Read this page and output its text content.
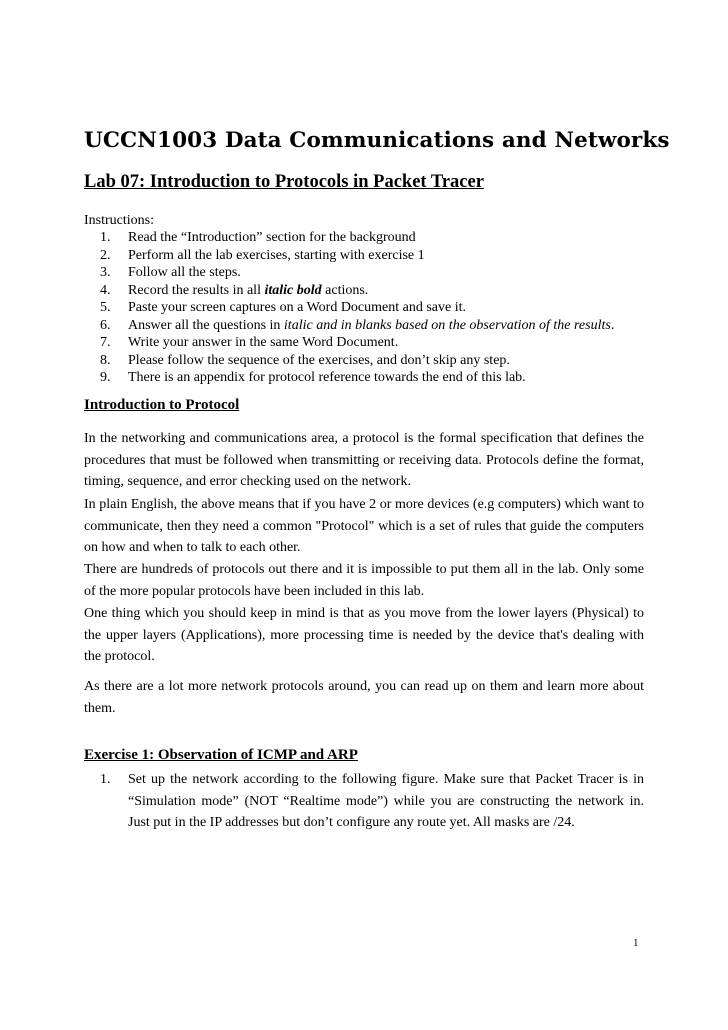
UCCN1003 Data Communications and Networks
Lab 07: Introduction to Protocols in Packet Tracer
Instructions:
1. Read the “Introduction” section for the background
2. Perform all the lab exercises, starting with exercise 1
3. Follow all the steps.
4. Record the results in all italic bold actions.
5. Paste your screen captures on a Word Document and save it.
6. Answer all the questions in italic and in blanks based on the observation of the results.
7. Write your answer in the same Word Document.
8. Please follow the sequence of the exercises, and don’t skip any step.
9. There is an appendix for protocol reference towards the end of this lab.
Introduction to Protocol

In the networking and communications area, a protocol is the formal specification that defines the procedures that must be followed when transmitting or receiving data. Protocols define the format, timing, sequence, and error checking used on the network.

In plain English, the above means that if you have 2 or more devices (e.g computers) which want to communicate, then they need a common "Protocol" which is a set of rules that guide the computers on how and when to talk to each other.

There are hundreds of protocols out there and it is impossible to put them all in the lab. Only some of the more popular protocols have been included in this lab.

One thing which you should keep in mind is that as you move from the lower layers (Physical) to the upper layers (Applications), more processing time is needed by the device that's dealing with the protocol.

As there are a lot more network protocols around, you can read up on them and learn more about them.

Exercise 1: Observation of ICMP and ARP
1. Set up the network according to the following figure. Make sure that Packet Tracer is in “Simulation mode” (NOT “Realtime mode”) while you are constructing the network in. Just put in the IP addresses but don’t configure any route yet. All masks are /24.
1
